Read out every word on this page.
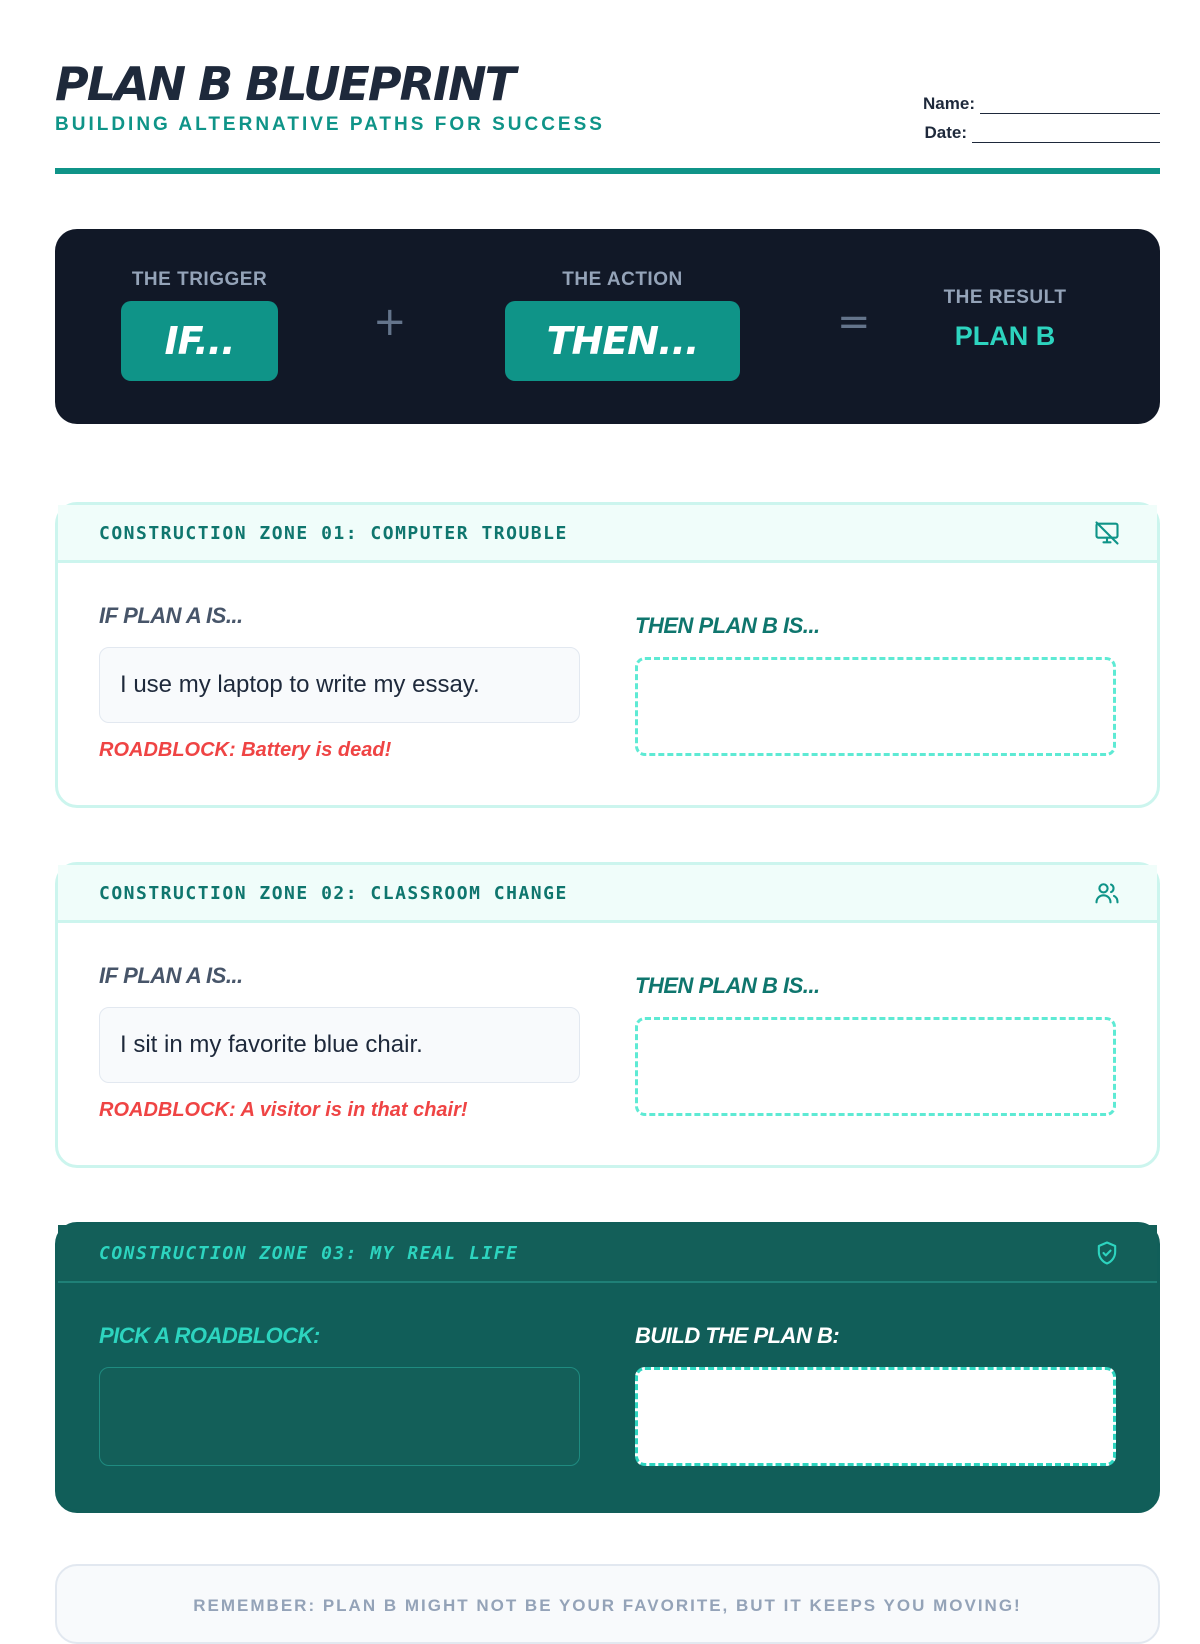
PLAN B BLUEPRINT
BUILDING ALTERNATIVE PATHS FOR SUCCESS
Name:
Date:
THE TRIGGER
IF...	+
THE ACTION
THEN...	=
THE RESULT
PLAN B
CONSTRUCTION ZONE 01: COMPUTER TROUBLE
IF PLAN A IS...
I use my laptop to write my essay.
ROADBLOCK: Battery is dead!
THEN PLAN B IS...
CONSTRUCTION ZONE 02: CLASSROOM CHANGE
IF PLAN A IS...
I sit in my favorite blue chair.
ROADBLOCK: A visitor is in that chair!
THEN PLAN B IS...
CONSTRUCTION ZONE 03: MY REAL LIFE
PICK A ROADBLOCK:	BUILD THE PLAN B:
REMEMBER: PLAN B MIGHT NOT BE YOUR FAVORITE, BUT IT KEEPS YOU MOVING!
